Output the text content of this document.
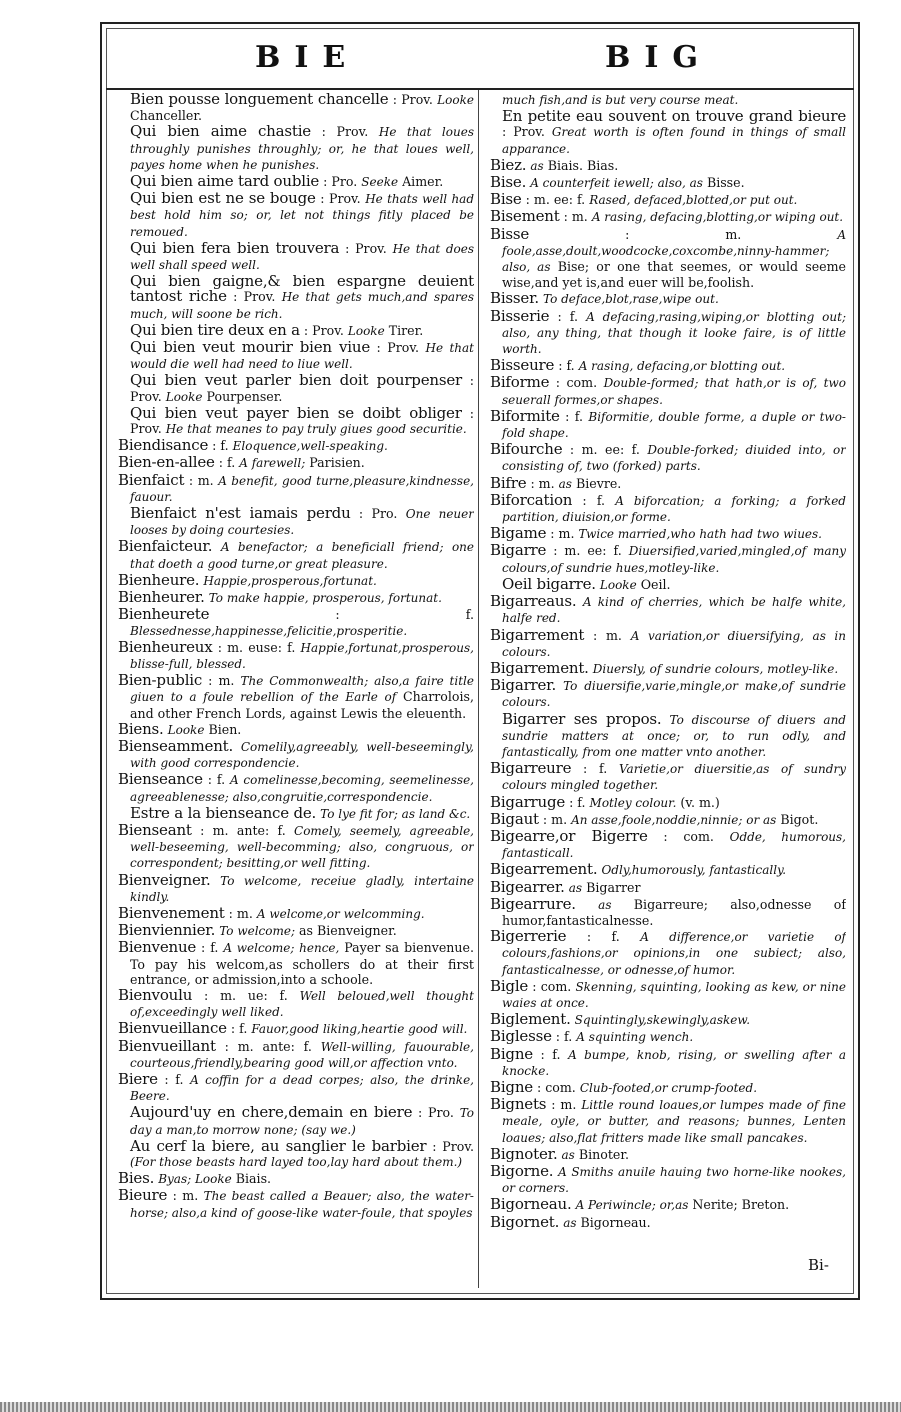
BIE	BIG

Bien pousse longuement chancelle : Prov. Looke Chanceller.

Qui bien aime chastie : Prov. He that loues throughly punishes throughly; or, he that loues well, payes home when he punishes.

Qui bien aime tard oublie : Pro. Seeke Aimer.

Qui bien est ne se bouge : Prov. He thats well had best hold him so; or, let not things fitly placed be remoued.

Qui bien fera bien trouvera : Prov. He that does well shall speed well.

Qui bien gaigne,& bien espargne deuient tantost riche : Prov. He that gets much,and spares much, will soone be rich.

Qui bien tire deux en a : Prov. Looke Tirer.

Qui bien veut mourir bien viue : Prov. He that would die well had need to liue well.

Qui bien veut parler bien doit pourpenser : Prov. Looke Pourpenser.

Qui bien veut payer bien se doibt obliger : Prov. He that meanes to pay truly giues good securitie.

Biendisance : f. Eloquence,well-speaking.

Bien-en-allee : f. A farewell; Parisien.

Bienfaict : m. A benefit, good turne,pleasure,kindnesse, fauour.

Bienfaict n'est iamais perdu : Pro. One neuer looses by doing courtesies.

Bienfaicteur. A benefactor; a beneficiall friend; one that doeth a good turne,or great pleasure.

Bienheure. Happie,prosperous,fortunat.

Bienheurer. To make happie, prosperous, fortunat.

Bienheurete	: f. Blessednesse,happinesse,felicitie,prosperitie.

Bienheureux : m. euse: f. Happie,fortunat,prosperous, blisse-full, blessed.

Bien-public : m. The Commonwealth; also,a faire title giuen to a foule rebellion of the Earle of Charrolois, and other French Lords, against Lewis the eleuenth.

Biens. Looke Bien.

Bienseamment. Comelily,agreeably, well-beseemingly, with good correspondencie.

Bienseance : f. A comelinesse,becoming, seemelinesse, agreeablenesse; also,congruitie,correspondencie.

Estre a la bienseance de. To lye fit for; as land &c.

Bienseant : m. ante: f. Comely, seemely, agreeable, well-beseeming, well-becomming; also, congruous, or correspondent; besitting,or well fitting.

Bienveigner. To welcome, receiue gladly, intertaine kindly.

Bienvenement : m. A welcome,or welcomming.

Bienviennier. To welcome; as Bienveigner.

Bienvenue : f. A welcome; hence, Payer sa bienvenue. To pay his welcom,as schollers do at their first entrance, or admission,into a schoole.

Bienvoulu : m. ue: f. Well beloued,well thought of,exceedingly well liked.

Bienvueillance : f. Fauor,good liking,heartie good will.

Bienvueillant : m. ante: f. Well-willing, fauourable, courteous,friendly,bearing good will,or affection vnto.

Biere : f. A coffin for a dead corpes; also, the drinke, Beere.

Aujourd'uy en chere,demain en biere : Pro. To day a man,to morrow none; (say we.)

Au cerf la biere, au sanglier le barbier : Prov. (For those beasts hard layed too,lay hard about them.)

Bies. Byas; Looke Biais.

Bieure : m. The beast called a Beauer; also, the water-horse; also,a kind of goose-like water-foule, that spoyles

much fish,and is but very course meat.

En petite eau souvent on trouve grand bieure : Prov. Great worth is often found in things of small apparance.

Biez. as Biais. Bias.

Bise. A counterfeit iewell; also, as Bisse.

Bise : m. ee: f. Rased, defaced,blotted,or put out.

Bisement : m. A rasing, defacing,blotting,or wiping out.

Bisse	: m.	A foole,asse,doult,woodcocke,coxcombe,ninny-hammer; also, as Bise; or one that seemes, or would seeme wise,and yet is,and euer will be,foolish.

Bisser. To deface,blot,rase,wipe out.

Bisserie : f. A defacing,rasing,wiping,or blotting out; also, any thing, that though it looke faire, is of little worth.

Bisseure : f. A rasing, defacing,or blotting out.

Biforme : com. Double-formed; that hath,or is of, two seuerall formes,or shapes.

Biformite : f. Biformitie, double forme, a duple or two-fold shape.

Bifourche : m. ee: f. Double-forked; diuided into, or consisting of, two (forked) parts.

Bifre : m. as Bievre.

Biforcation : f. A biforcation; a forking; a forked partition, diuision,or forme.

Bigame : m. Twice married,who hath had two wiues.

Bigarre : m. ee: f. Diuersified,varied,mingled,of many colours,of sundrie hues,motley-like.

Oeil bigarre. Looke Oeil.

Bigarreaus. A kind of cherries, which be halfe white, halfe red.

Bigarrement : m. A variation,or diuersifying, as in colours.

Bigarrement. Diuersly, of sundrie colours, motley-like.

Bigarrer. To diuersifie,varie,mingle,or make,of sundrie colours.

Bigarrer ses propos. To discourse of diuers and sundrie matters at once; or, to run odly, and fantastically, from one matter vnto another.

Bigarreure : f. Varietie,or diuersitie,as of sundry colours mingled together.

Bigarruge : f. Motley colour. (v. m.)

Bigaut : m. An asse,foole,noddie,ninnie; or as Bigot.

Bigearre,or Bigerre : com. Odde, humorous, fantasticall.

Bigearrement. Odly,humorously, fantastically.

Bigearrer. as Bigarrer

Bigearrure. as Bigarreure; also,odnesse of humor,fantasticalnesse.

Bigerrerie : f. A difference,or varietie of colours,fashions,or opinions,in one subiect; also, fantasticalnesse, or odnesse,of humor.

Bigle : com. Skenning, squinting, looking as kew, or nine waies at once.

Biglement. Squintingly,skewingly,askew.

Biglesse : f. A squinting wench.

Bigne : f. A bumpe, knob, rising, or swelling after a knocke.

Bigne : com. Club-footed,or crump-footed.

Bignets : m. Little round loaues,or lumpes made of fine meale, oyle, or butter, and reasons; bunnes, Lenten loaues; also,flat fritters made like small pancakes.

Bignoter. as Binoter.

Bigorne. A Smiths anuile hauing two horne-like nookes, or corners.

Bigorneau. A Periwincle; or,as Nerite; Breton.

Bigornet. as Bigorneau.

Bi-
